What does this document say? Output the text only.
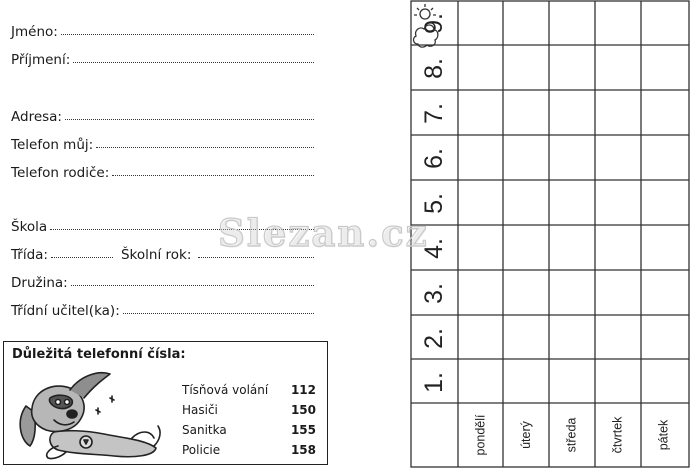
Jméno:
Příjmení:
Adresa:
Telefon můj:
Telefon rodiče:
Škola
Třída:	Školní rok:
Družina:
Třídní učitel(ka):
Důležitá telefonní čísla:
Tísňová volání 112
Hasiči	150
Sanitka	155
Policie	158
9.
8.
7.
6.
5.
4.
3.
2.
1.
pondělí úterý	středa	čtvrtek	pátek
Slezan.cz
